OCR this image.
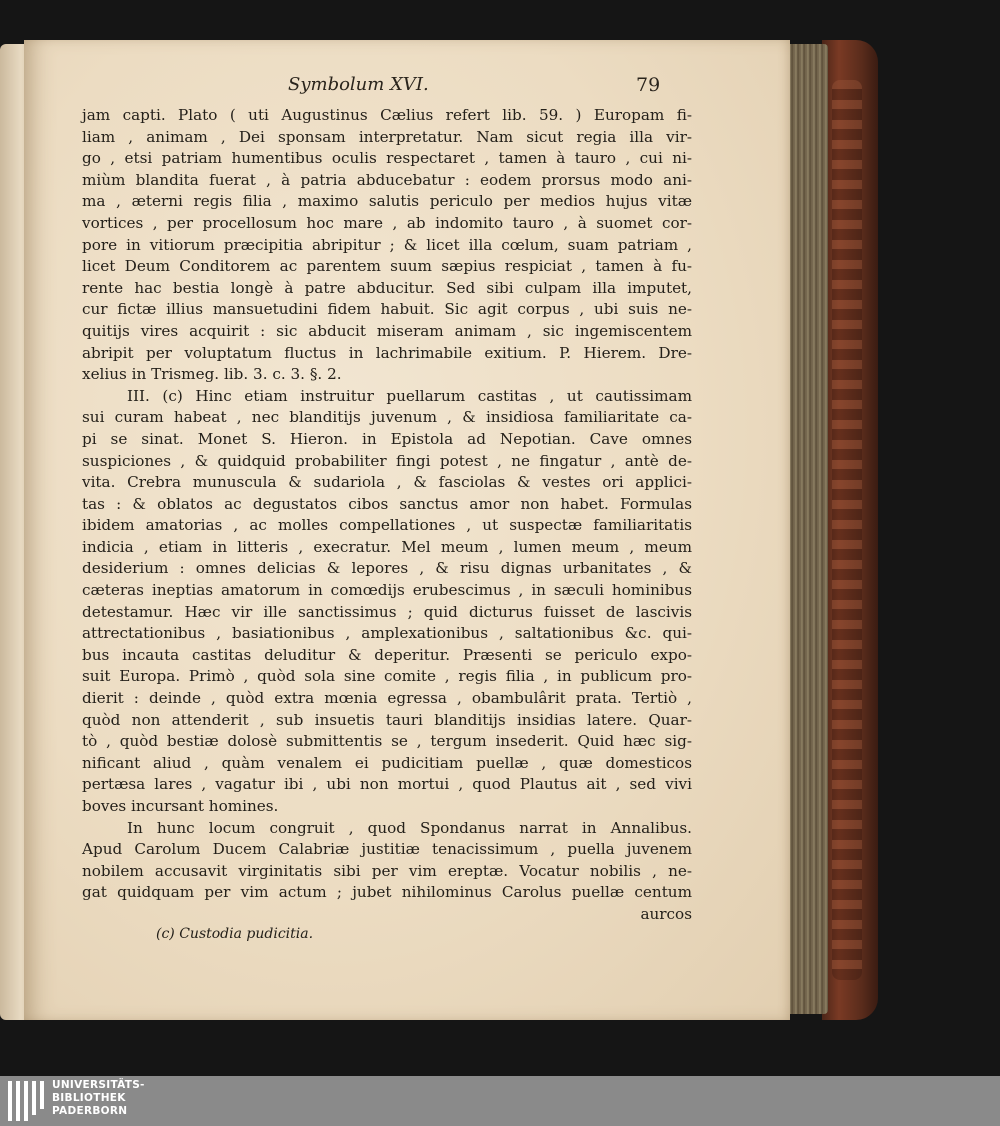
Symbolum XVI.	79
jam capti. Plato ( uti Augustinus Cælius refert lib. 59. ) Europam fi-
liam , animam , Dei sponsam interpretatur. Nam sicut regia illa vir-
go , etsi patriam humentibus oculis respectaret , tamen à tauro , cui ni-
miùm blandita fuerat , à patria abducebatur : eodem prorsus modo ani-
ma , æterni regis filia , maximo salutis periculo per medios hujus vitæ
vortices , per procellosum hoc mare , ab indomito tauro , à suomet cor-
pore in vitiorum præcipitia abripitur ; & licet illa cœlum, suam patriam ,
licet Deum Conditorem ac parentem suum sæpius respiciat , tamen à fu-
rente hac bestia longè à patre abducitur. Sed sibi culpam illa imputet,
cur fictæ illius mansuetudini fidem habuit. Sic agit corpus , ubi suis ne-
quitijs vires acquirit : sic abducit miseram animam , sic ingemiscentem
abripit per voluptatum fluctus in lachrimabile exitium. P. Hierem. Dre-
xelius in Trismeg. lib. 3. c. 3. §. 2.
III. (c) Hinc etiam instruitur puellarum castitas , ut cautissimam
sui curam habeat , nec blanditijs juvenum , & insidiosa familiaritate ca-
pi se sinat. Monet S. Hieron. in Epistola ad Nepotian. Cave omnes
suspiciones , & quidquid probabiliter fingi potest , ne fingatur , antè de-
vita. Crebra munuscula & sudariola , & fasciolas & vestes ori applici-
tas : & oblatos ac degustatos cibos sanctus amor non habet. Formulas
ibidem amatorias , ac molles compellationes , ut suspectæ familiaritatis
indicia , etiam in litteris , execratur. Mel meum , lumen meum , meum
desiderium : omnes delicias & lepores , & risu dignas urbanitates , &
cæteras ineptias amatorum in comœdijs erubescimus , in sæculi hominibus
detestamur. Hæc vir ille sanctissimus ; quid dicturus fuisset de lascivis
attrectationibus , basiationibus , amplexationibus , saltationibus &c. qui-
bus incauta castitas deluditur & deperitur. Præsenti se periculo expo-
suit Europa. Primò , quòd sola sine comite , regis filia , in publicum pro-
dierit : deinde , quòd extra mœnia egressa , obambulârit prata. Tertiò ,
quòd non attenderit , sub insuetis tauri blanditijs insidias latere. Quar-
tò , quòd bestiæ dolosè submittentis se , tergum insederit. Quid hæc sig-
nificant aliud , quàm venalem ei pudicitiam puellæ , quæ domesticos
pertæsa lares , vagatur ibi , ubi non mortui , quod Plautus ait , sed vivi
boves incursant homines.
In hunc locum congruit , quod Spondanus narrat in Annalibus.
Apud Carolum Ducem Calabriæ justitiæ tenacissimum , puella juvenem
nobilem accusavit virginitatis sibi per vim ereptæ. Vocatur nobilis , ne-
gat quidquam per vim actum ; jubet nihilominus Carolus puellæ centum
aurcos
(c) Custodia pudicitia.
UNIVERSITÄTS-
BIBLIOTHEK
PADERBORN
